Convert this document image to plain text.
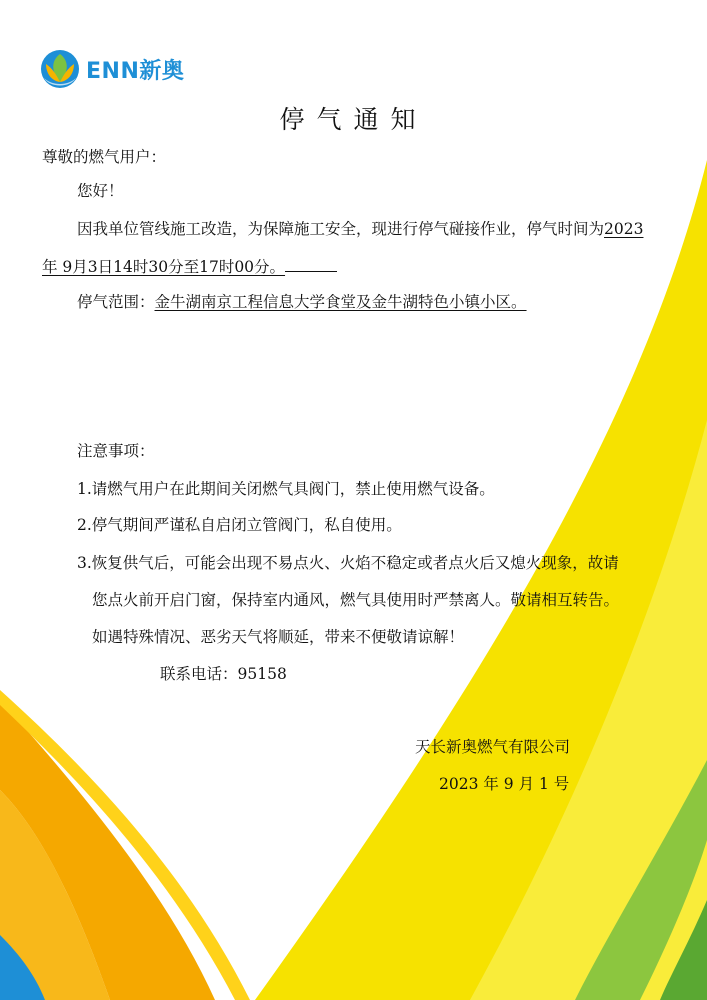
ENN新奥
停气通知
尊敬的燃气用户：
您好！
因我单位管线施工改造，为保障施工安全，现进行停气碰接作业，停气时间为2023
年 9月3日14时30分至17时00分。
停气范围：金牛湖南京工程信息大学食堂及金牛湖特色小镇小区。
注意事项：
1.请燃气用户在此期间关闭燃气具阀门，禁止使用燃气设备。
2.停气期间严谨私自启闭立管阀门，私自使用。
3.恢复供气后，可能会出现不易点火、火焰不稳定或者点火后又熄火现象，故请
您点火前开启门窗，保持室内通风，燃气具使用时严禁离人。敬请相互转告。
如遇特殊情况、恶劣天气将顺延，带来不便敬请谅解！
联系电话：95158
天长新奥燃气有限公司
2023 年 9 月 1 号
